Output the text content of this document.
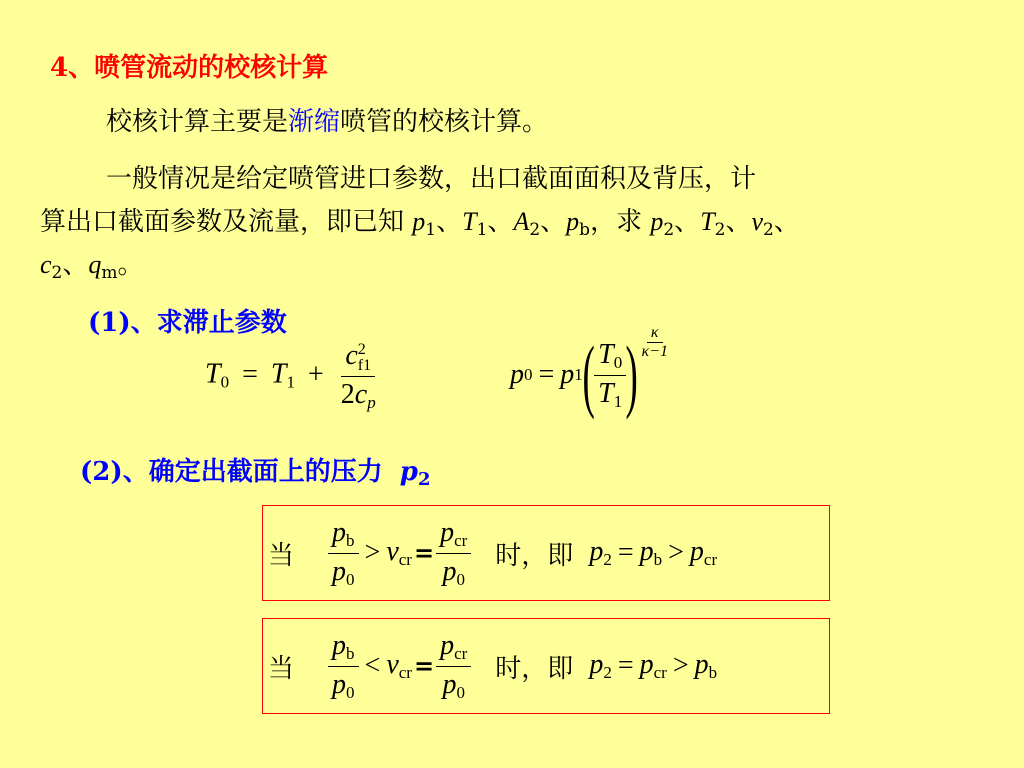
4、喷管流动的校核计算
校核计算主要是渐缩喷管的校核计算。
一般情况是给定喷管进口参数，出口截面面积及背压，计
算出口截面参数及流量，即已知 $p_1$、$T_1$、$A_2$、$p_b$，求 $p_2$、$T_2$、$v_2$、
$c_2$、$q_m$。
(1)、求滞止参数
$T_0 = T_1 + c$ 2
f1
2cp	p 0 = p 1 ( $\frac{T_0}{T_1}$ ) $\frac{\kappa}{\kappa-1}$
(2)、确定出截面上的压力 p2
当 $\frac{p_b}{p_0} > \nu_{cr} = \frac{p_{cr}}{p_0}$ 时，即 $p_2 = p_b > p_{cr}$
当 $\frac{p_b}{p_0} < \nu_{cr} = \frac{p_{cr}}{p_0}$ 时，即 $p_2 = p_{cr} > p_b$
